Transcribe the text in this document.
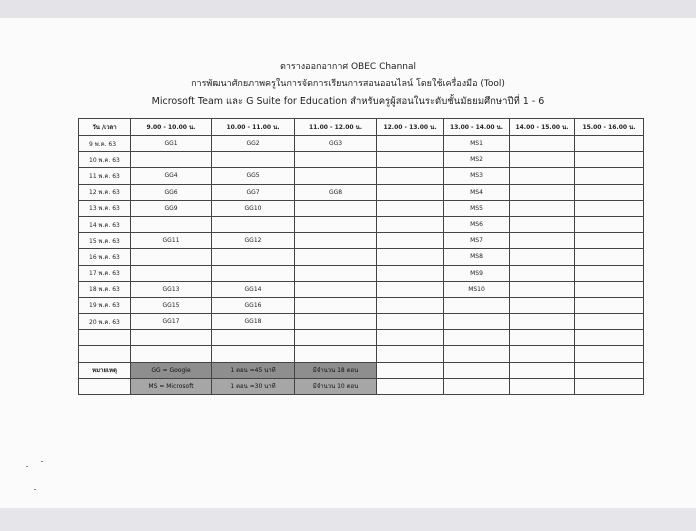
ตารางออกอากาศ OBEC Channal
การพัฒนาศักยภาพครูในการจัดการเรียนการสอนออนไลน์ โดยใช้เครื่องมือ (Tool)
Microsoft Team และ G Suite for Education สำหรับครูผู้สอนในระดับชั้นมัธยมศึกษาปีที่ 1 - 6
วัน /เวลา	9.00 - 10.00 น.	10.00 - 11.00 น.	11.00 - 12.00 น.	12.00 - 13.00 น.	13.00 - 14.00 น.	14.00 - 15.00 น.	15.00 - 16.00 น.
9 พ.ค. 63	GG1	GG2	GG3		MS1		
10 พ.ค. 63					MS2		
11 พ.ค. 63	GG4	GG5			MS3		
12 พ.ค. 63	GG6	GG7	GG8		MS4		
13 พ.ค. 63	GG9	GG10			MS5		
14 พ.ค. 63					MS6		
15 พ.ค. 63	GG11	GG12			MS7		
16 พ.ค. 63					MS8		
17 พ.ค. 63					MS9		
18 พ.ค. 63	GG13	GG14			MS10		
19 พ.ค. 63	GG15	GG16					
20 พ.ค. 63	GG17	GG18					

หมายเหตุ	GG = Google	1 ตอน =45 นาที	มีจำนวน 18 ตอน				
	MS = Microsoft	1 ตอน =30 นาที	มีจำนวน 10 ตอน				
